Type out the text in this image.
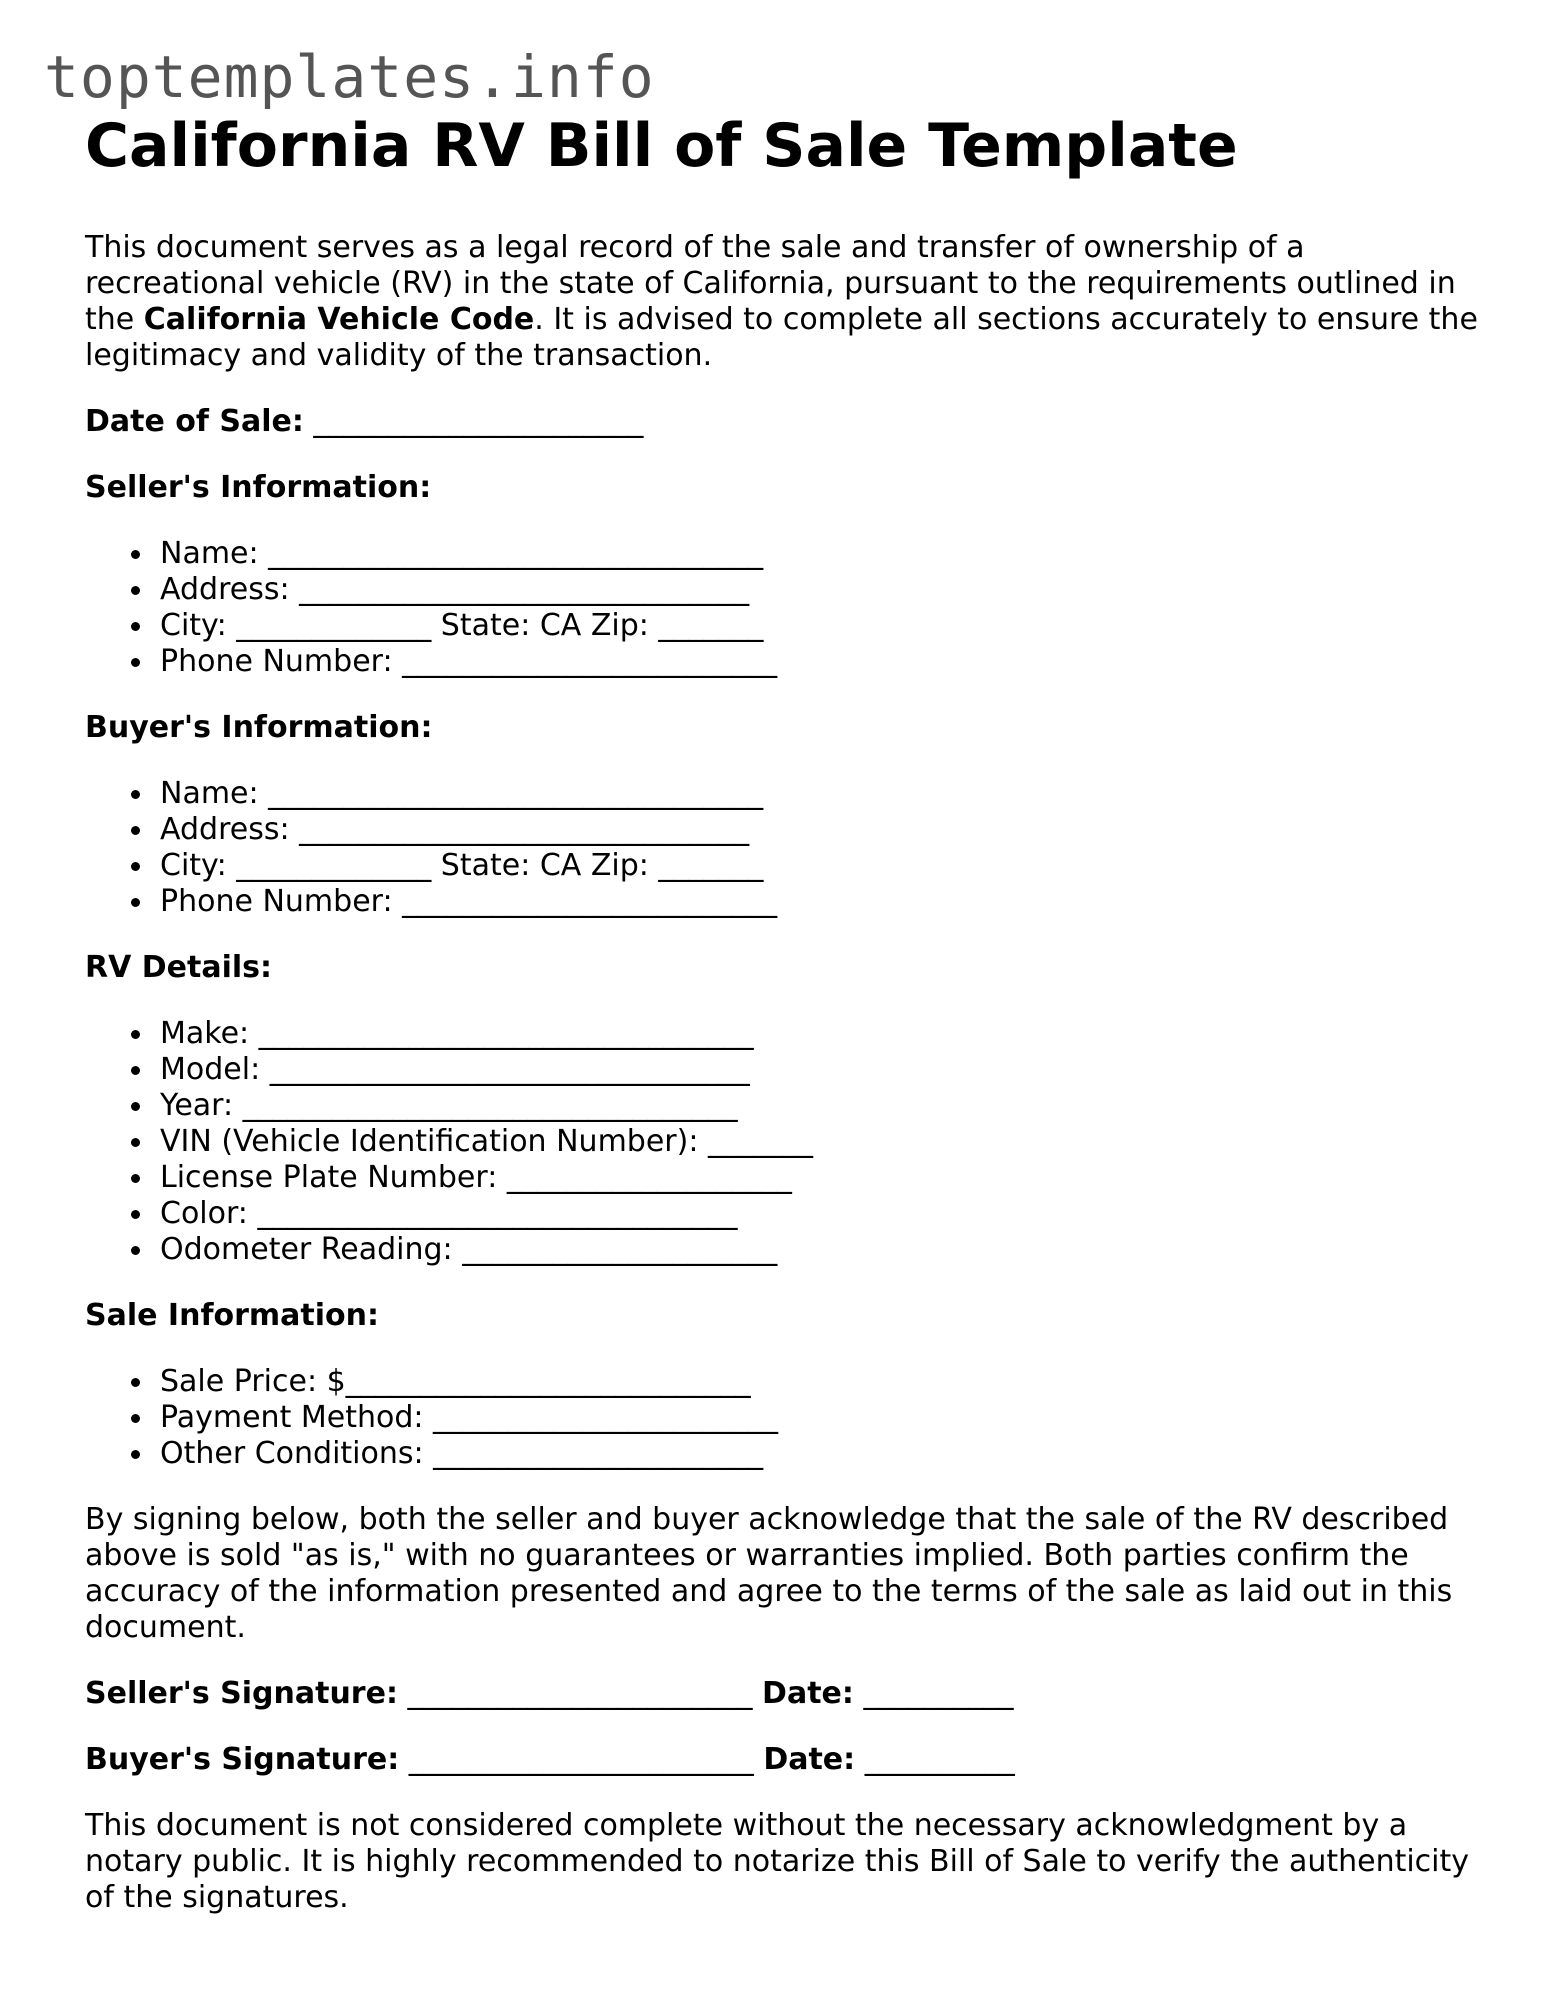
toptemplates.info
California RV Bill of Sale Template

This document serves as a legal record of the sale and transfer of ownership of a recreational vehicle (RV) in the state of California, pursuant to the requirements outlined in the California Vehicle Code. It is advised to complete all sections accurately to ensure the legitimacy and validity of the transaction.

Date of Sale: ______________________
Seller's Information:
Name: _________________________________
Address: ______________________________
City: _____________ State: CA Zip: _______
Phone Number: _________________________
Buyer's Information:
Name: _________________________________
Address: ______________________________
City: _____________ State: CA Zip: _______
Phone Number: _________________________
RV Details:
Make: _________________________________
Model: ________________________________
Year: _________________________________
VIN (Vehicle Identification Number): _______
License Plate Number: ___________________
Color: ________________________________
Odometer Reading: _____________________
Sale Information:
Sale Price: $___________________________
Payment Method: _______________________
Other Conditions: ______________________

By signing below, both the seller and buyer acknowledge that the sale of the RV described above is sold "as is," with no guarantees or warranties implied. Both parties confirm the accuracy of the information presented and agree to the terms of the sale as laid out in this document.

Seller's Signature: _______________________ Date: __________
Buyer's Signature: _______________________ Date: __________

This document is not considered complete without the necessary acknowledgment by a notary public. It is highly recommended to notarize this Bill of Sale to verify the authenticity of the signatures.
